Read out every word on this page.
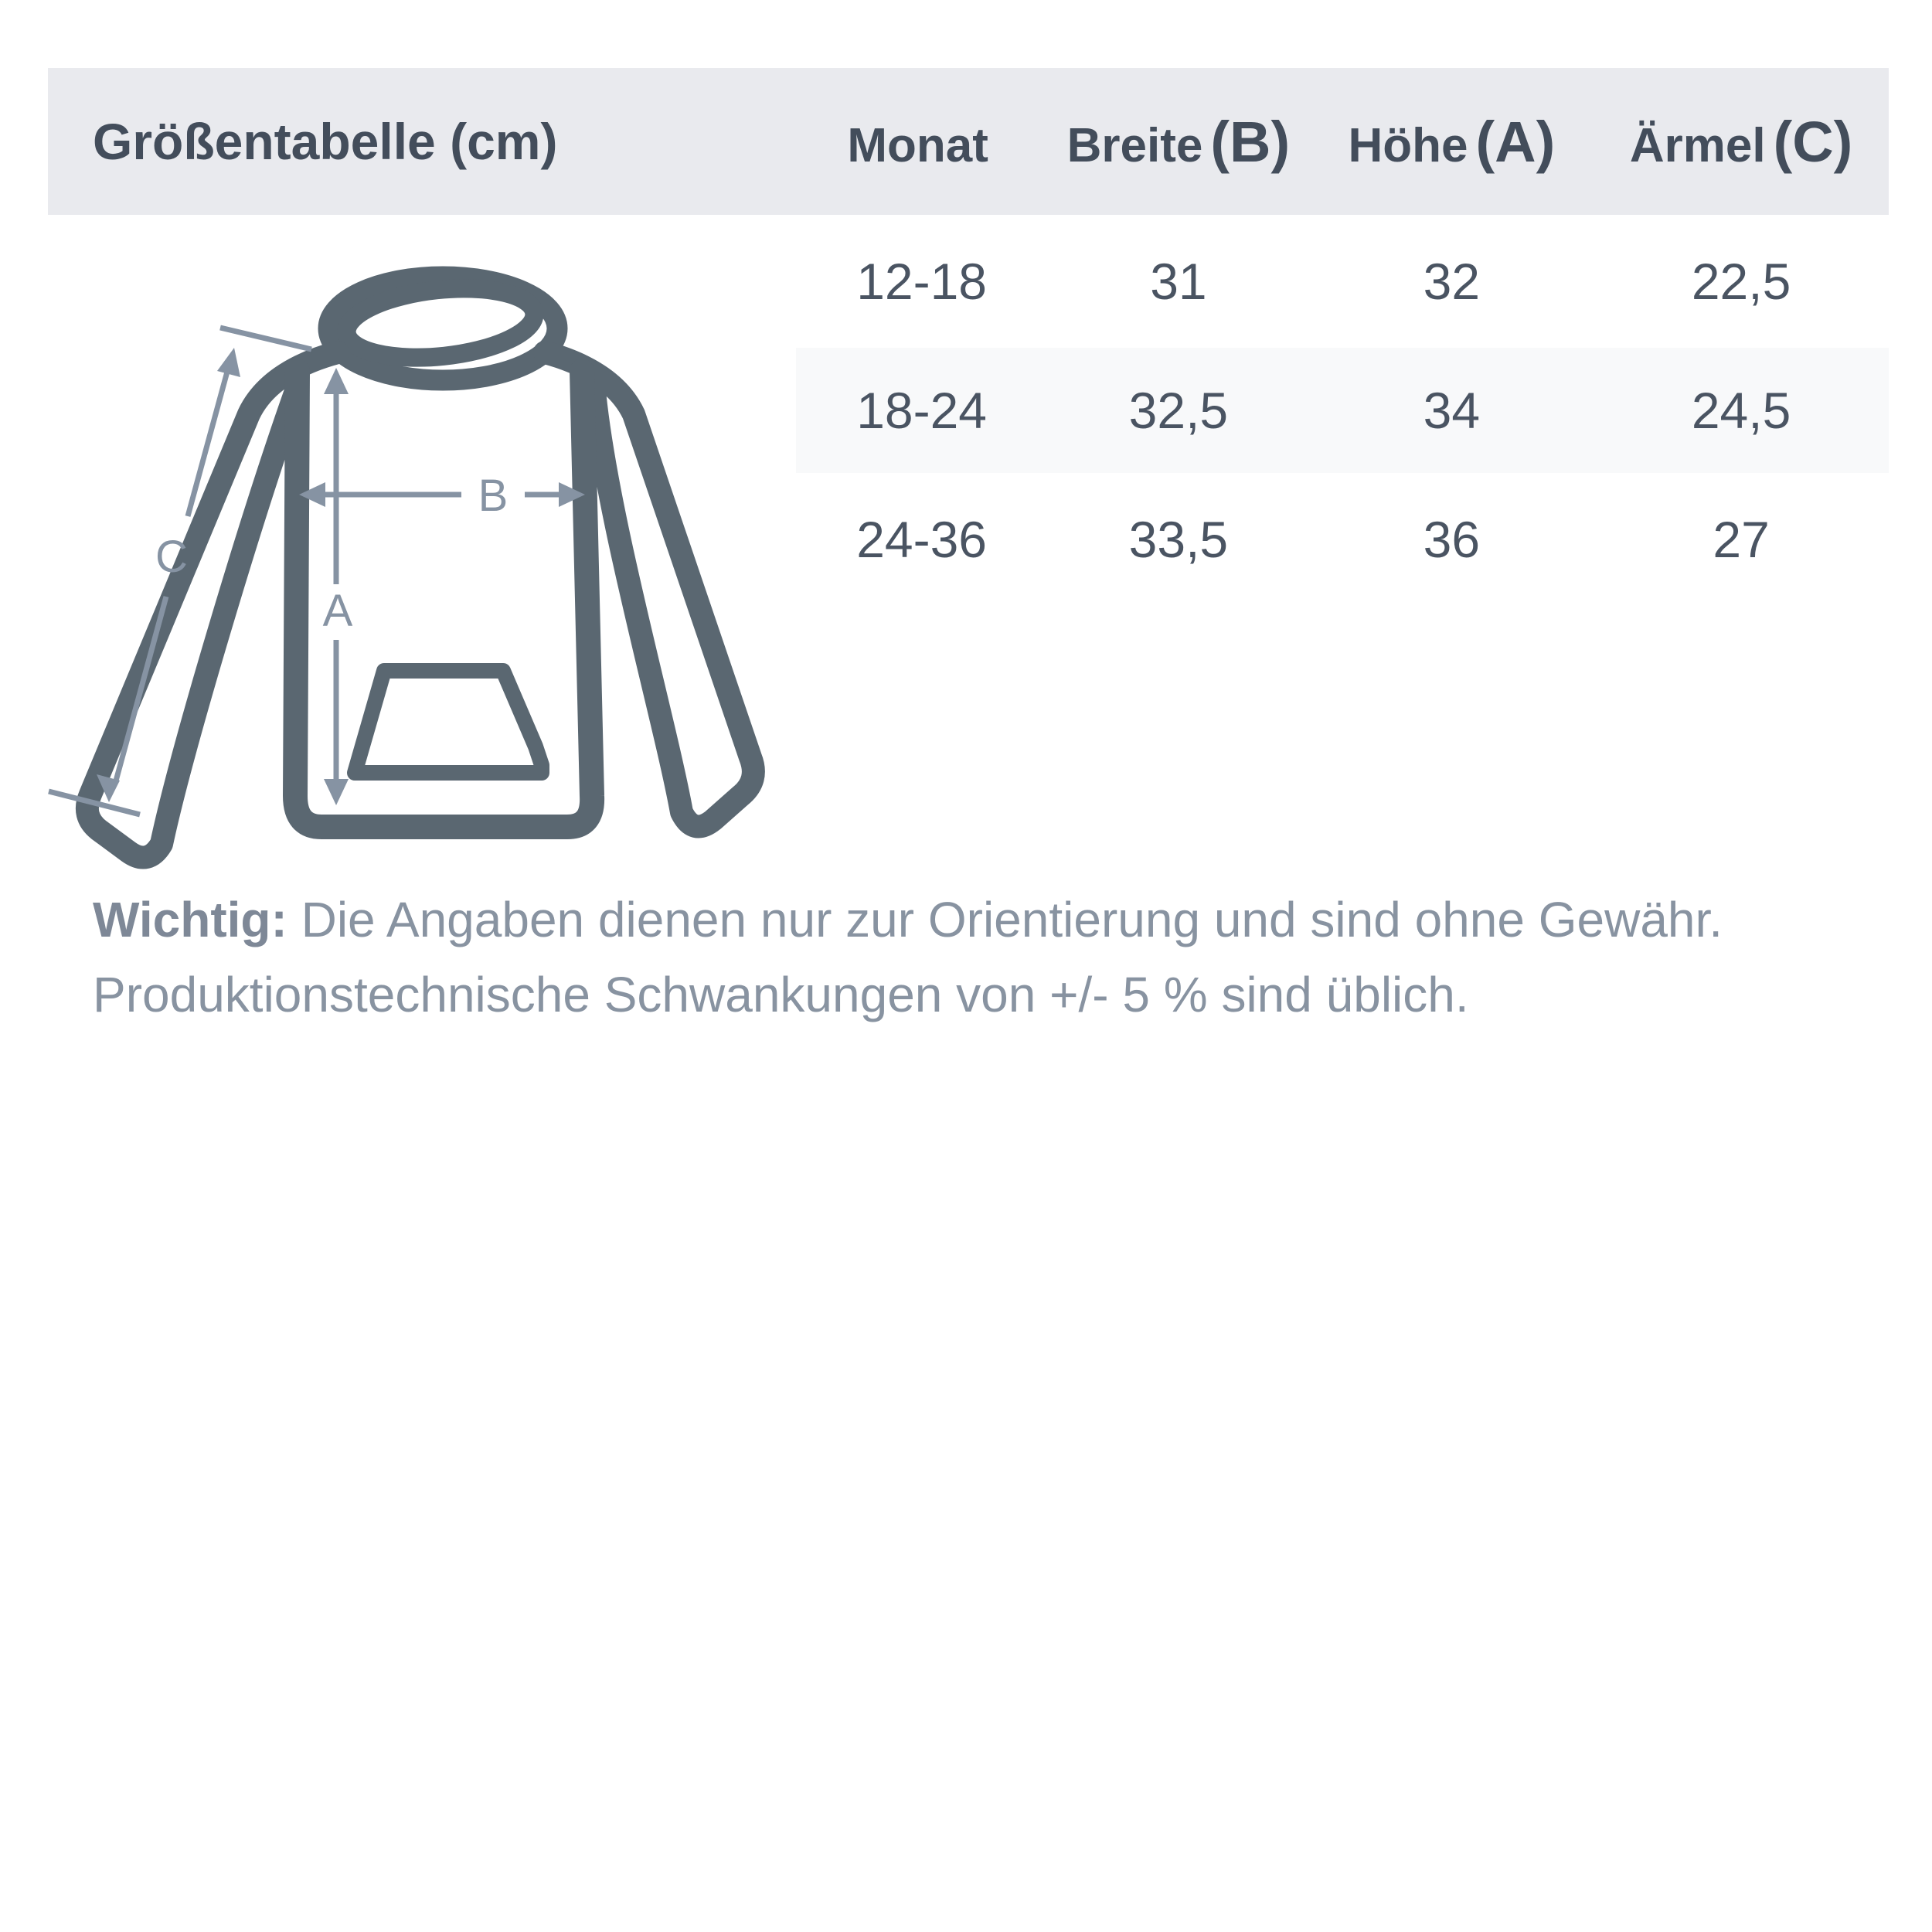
Größentabelle (cm)	Monat	Breite (B)	Höhe (A)	Ärmel (C)
12-18	31	32	22,5
18-24	32,5	34	24,5
24-36	33,5	36	27
A
B
C
Wichtig: Die Angaben dienen nur zur Orientierung und sind ohne Gewähr.
Produktionstechnische Schwankungen von +/- 5 % sind üblich.
